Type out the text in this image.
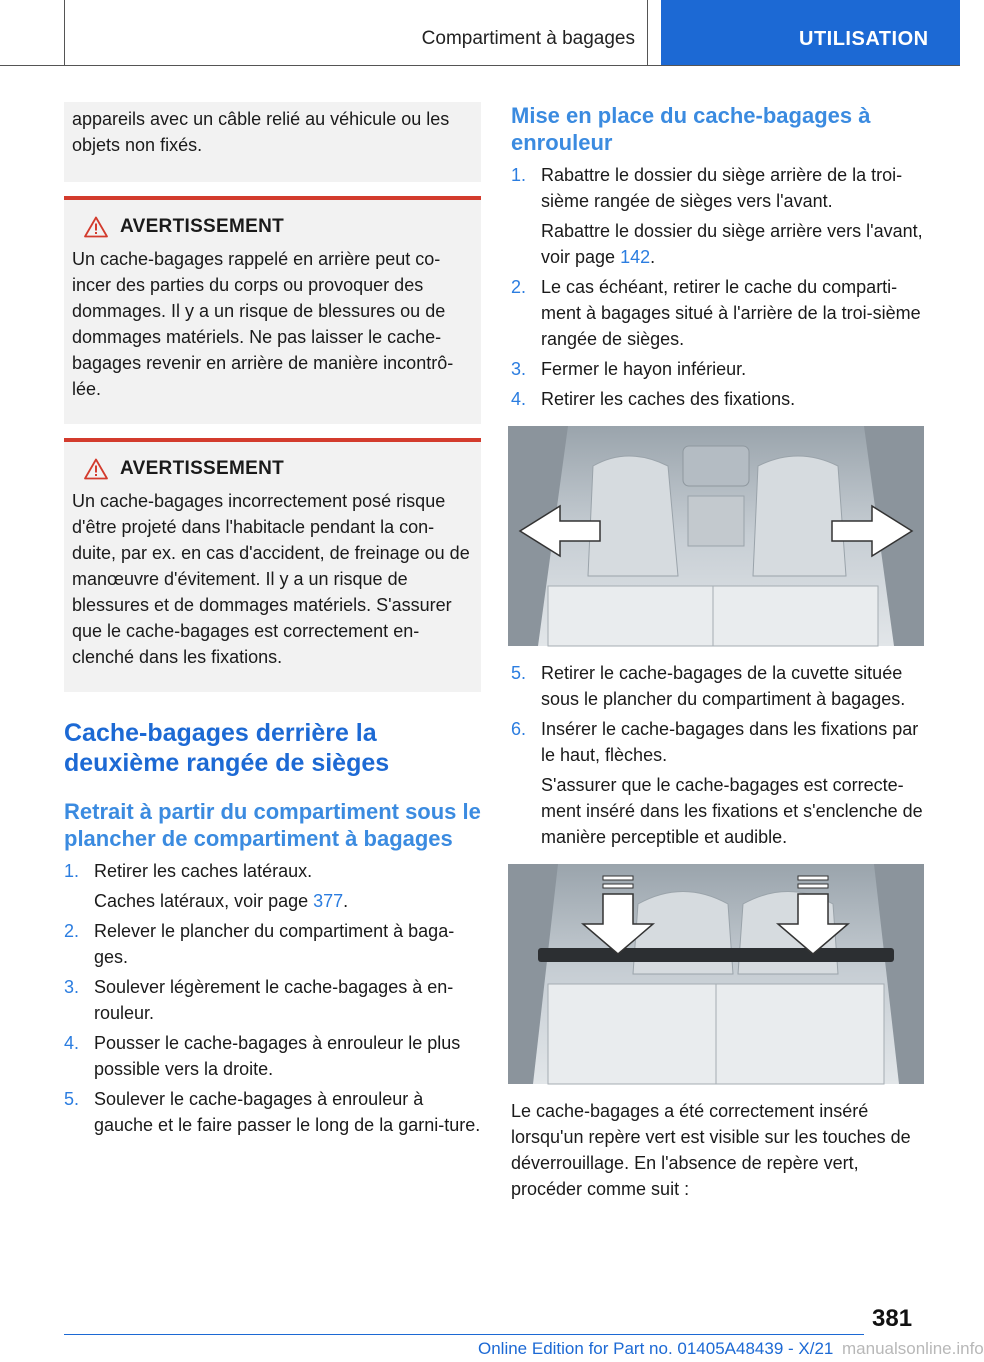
Compartiment à bagages	UTILISATION

appareils avec un câble relié au véhicule ou les objets non fixés.

AVERTISSEMENT

Un cache-bagages rappelé en arrière peut co-incer des parties du corps ou provoquer des dommages. Il y a un risque de blessures ou de dommages matériels. Ne pas laisser le cache-bagages revenir en arrière de manière incontrô-lée.

AVERTISSEMENT

Un cache-bagages incorrectement posé risque d'être projeté dans l'habitacle pendant la con-duite, par ex. en cas d'accident, de freinage ou de manœuvre d'évitement. Il y a un risque de blessures et de dommages matériels. S'assurer que le cache-bagages est correctement en-clenché dans les fixations.

Cache-bagages derrière la deuxième rangée de sièges
Retrait à partir du compartiment sous le plancher de compartiment à bagages
1. Retirer les caches latéraux.
Caches latéraux, voir page 377.
2. Relever le plancher du compartiment à baga-ges.
3. Soulever légèrement le cache-bagages à en-rouleur.
4. Pousser le cache-bagages à enrouleur le plus possible vers la droite.
5. Soulever le cache-bagages à enrouleur à gauche et le faire passer le long de la garni-ture.
Mise en place du cache-bagages à enrouleur
1. Rabattre le dossier du siège arrière de la troi-sième rangée de sièges vers l'avant.
Rabattre le dossier du siège arrière vers l'avant, voir page 142.
2. Le cas échéant, retirer le cache du comparti-ment à bagages situé à l'arrière de la troi-sième rangée de sièges.
3. Fermer le hayon inférieur.
4. Retirer les caches des fixations.
5. Retirer le cache-bagages de la cuvette située sous le plancher du compartiment à bagages.
6. Insérer le cache-bagages dans les fixations par le haut, flèches.
S'assurer que le cache-bagages est correcte-ment inséré dans les fixations et s'enclenche de manière perceptible et audible.

Le cache-bagages a été correctement inséré lorsqu'un repère vert est visible sur les touches de déverrouillage. En l'absence de repère vert, procéder comme suit :

381
Online Edition for Part no. 01405A48439 - X/21 manualsonline.info
